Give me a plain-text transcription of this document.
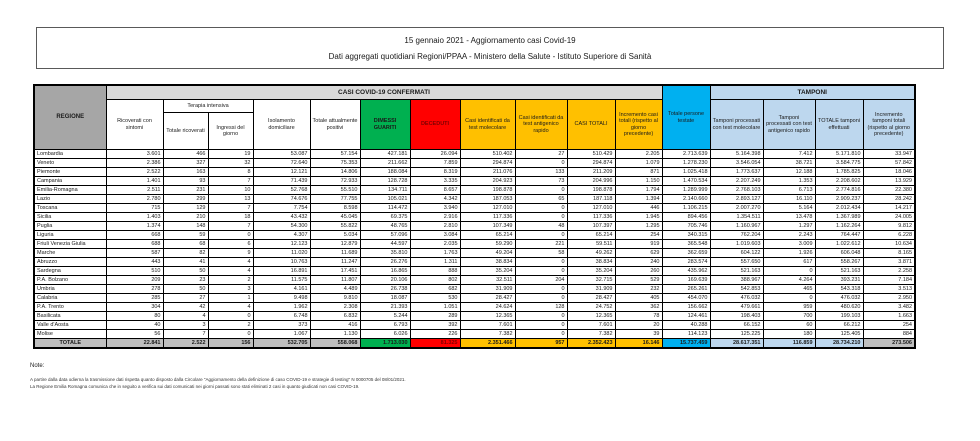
15 gennaio 2021 - Aggiornamento casi Covid-19
Dati aggregati quotidiani Regioni/PPAA - Ministero della Salute - Istituto Superiore di Sanità
REGIONE	CASI COVID-19 CONFERMATI											Totale persone testate	TAMPONI			
	Ricoverati con sintomi	Terapia intensiva		Isolamento domiciliare	Totale attualmente positivi	DIMESSI GUARITI	DECEDUTI	Casi identificati da test molecolare	Casi identificati da test antigenico rapido	CASI TOTALI	Incremento casi totali (rispetto al giorno precedente)		Tamponi processati con test molecolare	Tamponi processati con test antigenico rapido	TOTALE tamponi effettuati	Incremento tamponi totali (rispetto al giorno precedente)
		Totale ricoverati	Ingressi del giorno													
Lombardia	3.601	466	19	53.087	57.154	427.181	26.094	510.402	27	510.429	2.205	2.713.639	5.164.398	7.412	5.171.810	33.947
Veneto	2.386	327	32	72.640	75.353	211.662	7.859	294.874	0	294.874	1.079	1.278.230	3.546.054	38.721	3.584.775	57.842
Piemonte	2.522	163	8	12.121	14.806	188.084	8.319	211.076	133	211.209	871	1.025.418	1.773.637	12.188	1.785.825	18.046
Campania	1.401	93	7	71.439	72.933	128.728	3.335	204.923	73	204.996	1.150	1.470.534	2.207.249	1.353	2.208.602	13.929
Emilia-Romagna	2.511	231	10	52.768	55.510	134.711	8.657	198.878	0	198.878	1.794	1.289.999	2.768.103	6.713	2.774.816	22.380
Lazio	2.780	299	13	74.676	77.755	105.021	4.342	187.053	65	187.118	1.394	2.140.660	2.893.127	16.110	2.909.237	28.242
Toscana	715	129	7	7.754	8.598	114.472	3.940	127.010	0	127.010	446	1.106.215	2.007.270	5.164	2.012.434	14.217
Sicilia	1.403	210	18	43.432	45.045	69.375	2.916	117.336	0	117.336	1.945	894.456	1.354.511	13.478	1.367.989	24.005
Puglia	1.374	148	7	54.300	55.822	48.765	2.810	107.349	48	107.397	1.295	705.746	1.160.967	1.297	1.162.264	9.812
Liguria	668	59	0	4.307	5.034	57.096	3.084	65.214	0	65.214	254	340.315	762.204	2.243	764.447	6.228
Friuli Venezia Giulia	688	68	6	12.123	12.879	44.597	2.035	59.290	221	59.511	919	365.548	1.019.603	3.009	1.022.612	10.634
Marche	587	82	9	11.020	11.689	35.810	1.763	49.204	58	49.262	629	362.659	604.122	1.926	606.048	8.165
Abruzzo	443	41	4	10.763	11.247	26.276	1.311	38.834	0	38.834	240	283.574	557.650	617	558.267	3.871
Sardegna	510	50	4	16.891	17.451	16.865	888	35.204	0	35.204	260	435.962	521.163	0	521.163	2.258
P.A. Bolzano	209	23	2	11.575	11.807	20.106	802	32.511	204	32.715	529	169.639	388.967	4.264	393.231	7.184
Umbria	278	50	3	4.161	4.489	26.738	682	31.909	0	31.909	232	265.261	542.853	465	543.318	3.513
Calabria	285	27	1	9.498	9.810	18.087	530	28.427	0	28.427	405	454.070	476.032	0	476.032	2.950
P.A. Trento	304	42	4	1.962	2.308	21.393	1.051	24.624	128	24.752	362	156.662	479.661	959	480.620	3.482
Basilicata	80	4	0	6.748	6.832	5.244	289	12.365	0	12.365	78	124.461	198.403	700	199.103	1.663
Valle d'Aosta	40	3	2	373	416	6.793	392	7.601	0	7.601	20	40.288	66.152	60	66.212	254
Molise	56	7	0	1.067	1.130	6.026	226	7.382	0	7.382	39	114.123	125.225	180	125.405	884
TOTALE	22.841	2.522	156	532.705	558.068	1.713.030	81.325	2.351.466	957	2.352.423	16.146	15.737.459	28.617.351	116.859	28.734.210	273.506
Note:
A partire dalla data odierna la trasmissione dati rispetta quanto disposto dalla Circolare "Aggiornamento della definizione di caso COVID-19 e strategie di testing" N 0000705 del 08/01/2021.
La Regione Emilia Romagna comunica che in seguito a verifica sui dati comunicati nei giorni passati sono stati eliminati 2 casi in quanto giudicati non casi COVID-19.
